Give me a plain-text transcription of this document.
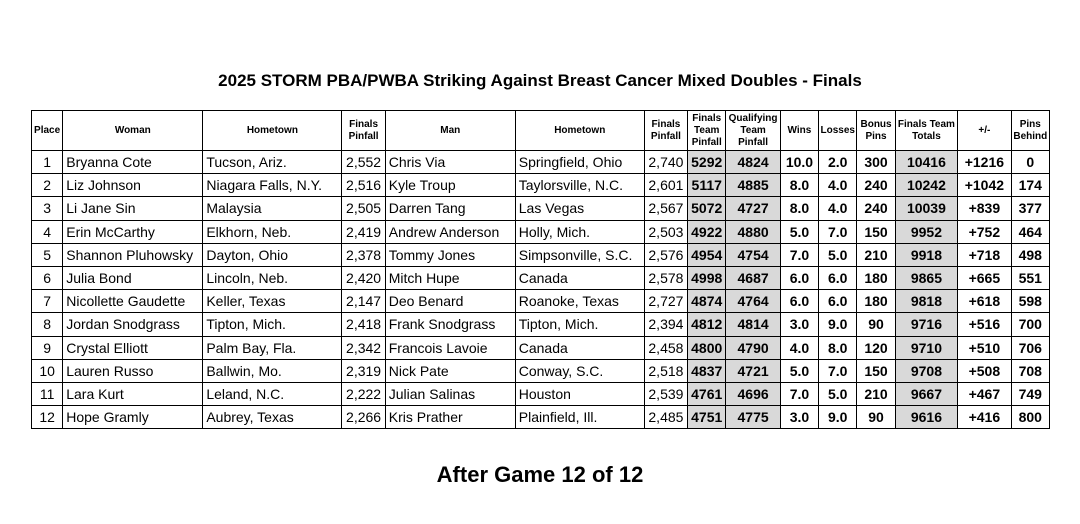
2025 STORM PBA/PWBA Striking Against Breast Cancer Mixed Doubles - Finals
Place	Woman	Hometown	Finals Pinfall	Man	Hometown	Finals Pinfall	Finals Team Pinfall	Qualifying Team Pinfall	Wins	Losses	Bonus Pins	Finals Team Totals	+/-	Pins Behind
1	Bryanna Cote	Tucson, Ariz.	2,552	Chris Via	Springfield, Ohio	2,740	5292	4824	10.0	2.0	300	10416	+1216	0
2	Liz Johnson	Niagara Falls, N.Y.	2,516	Kyle Troup	Taylorsville, N.C.	2,601	5117	4885	8.0	4.0	240	10242	+1042	174
3	Li Jane Sin	Malaysia	2,505	Darren Tang	Las Vegas	2,567	5072	4727	8.0	4.0	240	10039	+839	377
4	Erin McCarthy	Elkhorn, Neb.	2,419	Andrew Anderson	Holly, Mich.	2,503	4922	4880	5.0	7.0	150	9952	+752	464
5	Shannon Pluhowsky	Dayton, Ohio	2,378	Tommy Jones	Simpsonville, S.C.	2,576	4954	4754	7.0	5.0	210	9918	+718	498
6	Julia Bond	Lincoln, Neb.	2,420	Mitch Hupe	Canada	2,578	4998	4687	6.0	6.0	180	9865	+665	551
7	Nicollette Gaudette	Keller, Texas	2,147	Deo Benard	Roanoke, Texas	2,727	4874	4764	6.0	6.0	180	9818	+618	598
8	Jordan Snodgrass	Tipton, Mich.	2,418	Frank Snodgrass	Tipton, Mich.	2,394	4812	4814	3.0	9.0	90	9716	+516	700
9	Crystal Elliott	Palm Bay, Fla.	2,342	Francois Lavoie	Canada	2,458	4800	4790	4.0	8.0	120	9710	+510	706
10	Lauren Russo	Ballwin, Mo.	2,319	Nick Pate	Conway, S.C.	2,518	4837	4721	5.0	7.0	150	9708	+508	708
11	Lara Kurt	Leland, N.C.	2,222	Julian Salinas	Houston	2,539	4761	4696	7.0	5.0	210	9667	+467	749
12	Hope Gramly	Aubrey, Texas	2,266	Kris Prather	Plainfield, Ill.	2,485	4751	4775	3.0	9.0	90	9616	+416	800
After Game 12 of 12
